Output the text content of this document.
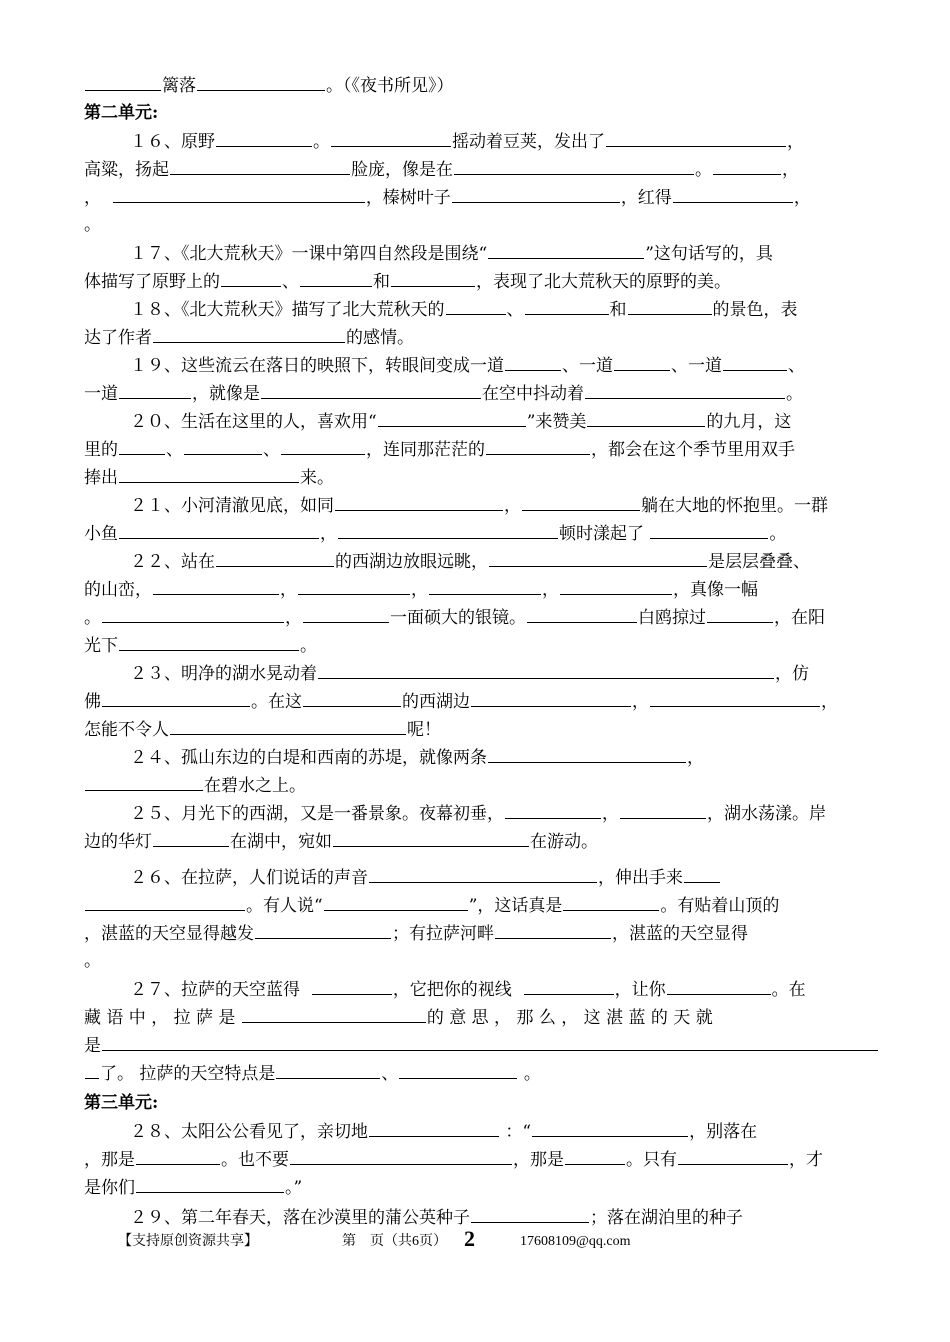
篱落	。（《夜书所见》）
第二单元:
１６、原野	。	摇动着豆荚，发出了	，
高粱，扬起	脸庞，像是在	。	，
，	，榛树叶子	，红得	，
。
１７、《北大荒秋天》一课中第四自然段是围绕“	”这句话写的，具
体描写了原野上的	、	和	，表现了北大荒秋天的原野的美。
１８、《北大荒秋天》描写了北大荒秋天的	、	和	的景色，表
达了作者	的感情。
１９、这些流云在落日的映照下，转眼间变成一道	、一道	、一道	、
一道	，就像是	在空中抖动着	。
２０、生活在这里的人，喜欢用“	”来赞美	的九月，这
里的	、	、	，连同那茫茫的	，都会在这个季节里用双手
捧出	来。
２１、小河清澈见底，如同	，	躺在大地的怀抱里。一群
小鱼	，	顿时漾起了	。
２２、站在	的西湖边放眼远眺，	是层层叠叠、
的山峦，	，	，	，	，真像一幅
。	，	一面硕大的银镜。	白鸥掠过	，在阳
光下	。
２３、明净的湖水晃动着	，仿
佛	。在这	的西湖边	，	，
怎能不令人	呢！
２４、孤山东边的白堤和西南的苏堤，就像两条	，
在碧水之上。
２５、月光下的西湖，又是一番景象。夜幕初垂，	，	，湖水荡漾。岸
边的华灯	在湖中，宛如	在游动。
２６、在拉萨，人们说话的声音	，伸出手来
。有人说“	”，这话真是	。有贴着山顶的
，湛蓝的天空显得越发	；有拉萨河畔	，湛蓝的天空显得
。
２７、拉萨的天空蓝得	，它把你的视线	，让你	。在
藏 语 中 ， 拉 萨 是	的 意 思 ， 那 么 ， 这 湛 蓝 的 天 就
是
了。 拉萨的天空特点是	、	。
第三单元:
２８、太阳公公看见了，亲切地	：“	，别落在
，那是	。也不要	，那是	。只有	，才
是你们	。”
２９、第二年春天，落在沙漠里的蒲公英种子	；落在湖泊里的种子
【支持原创资源共享】	第　页（共6页） 2	17608109@qq.com
